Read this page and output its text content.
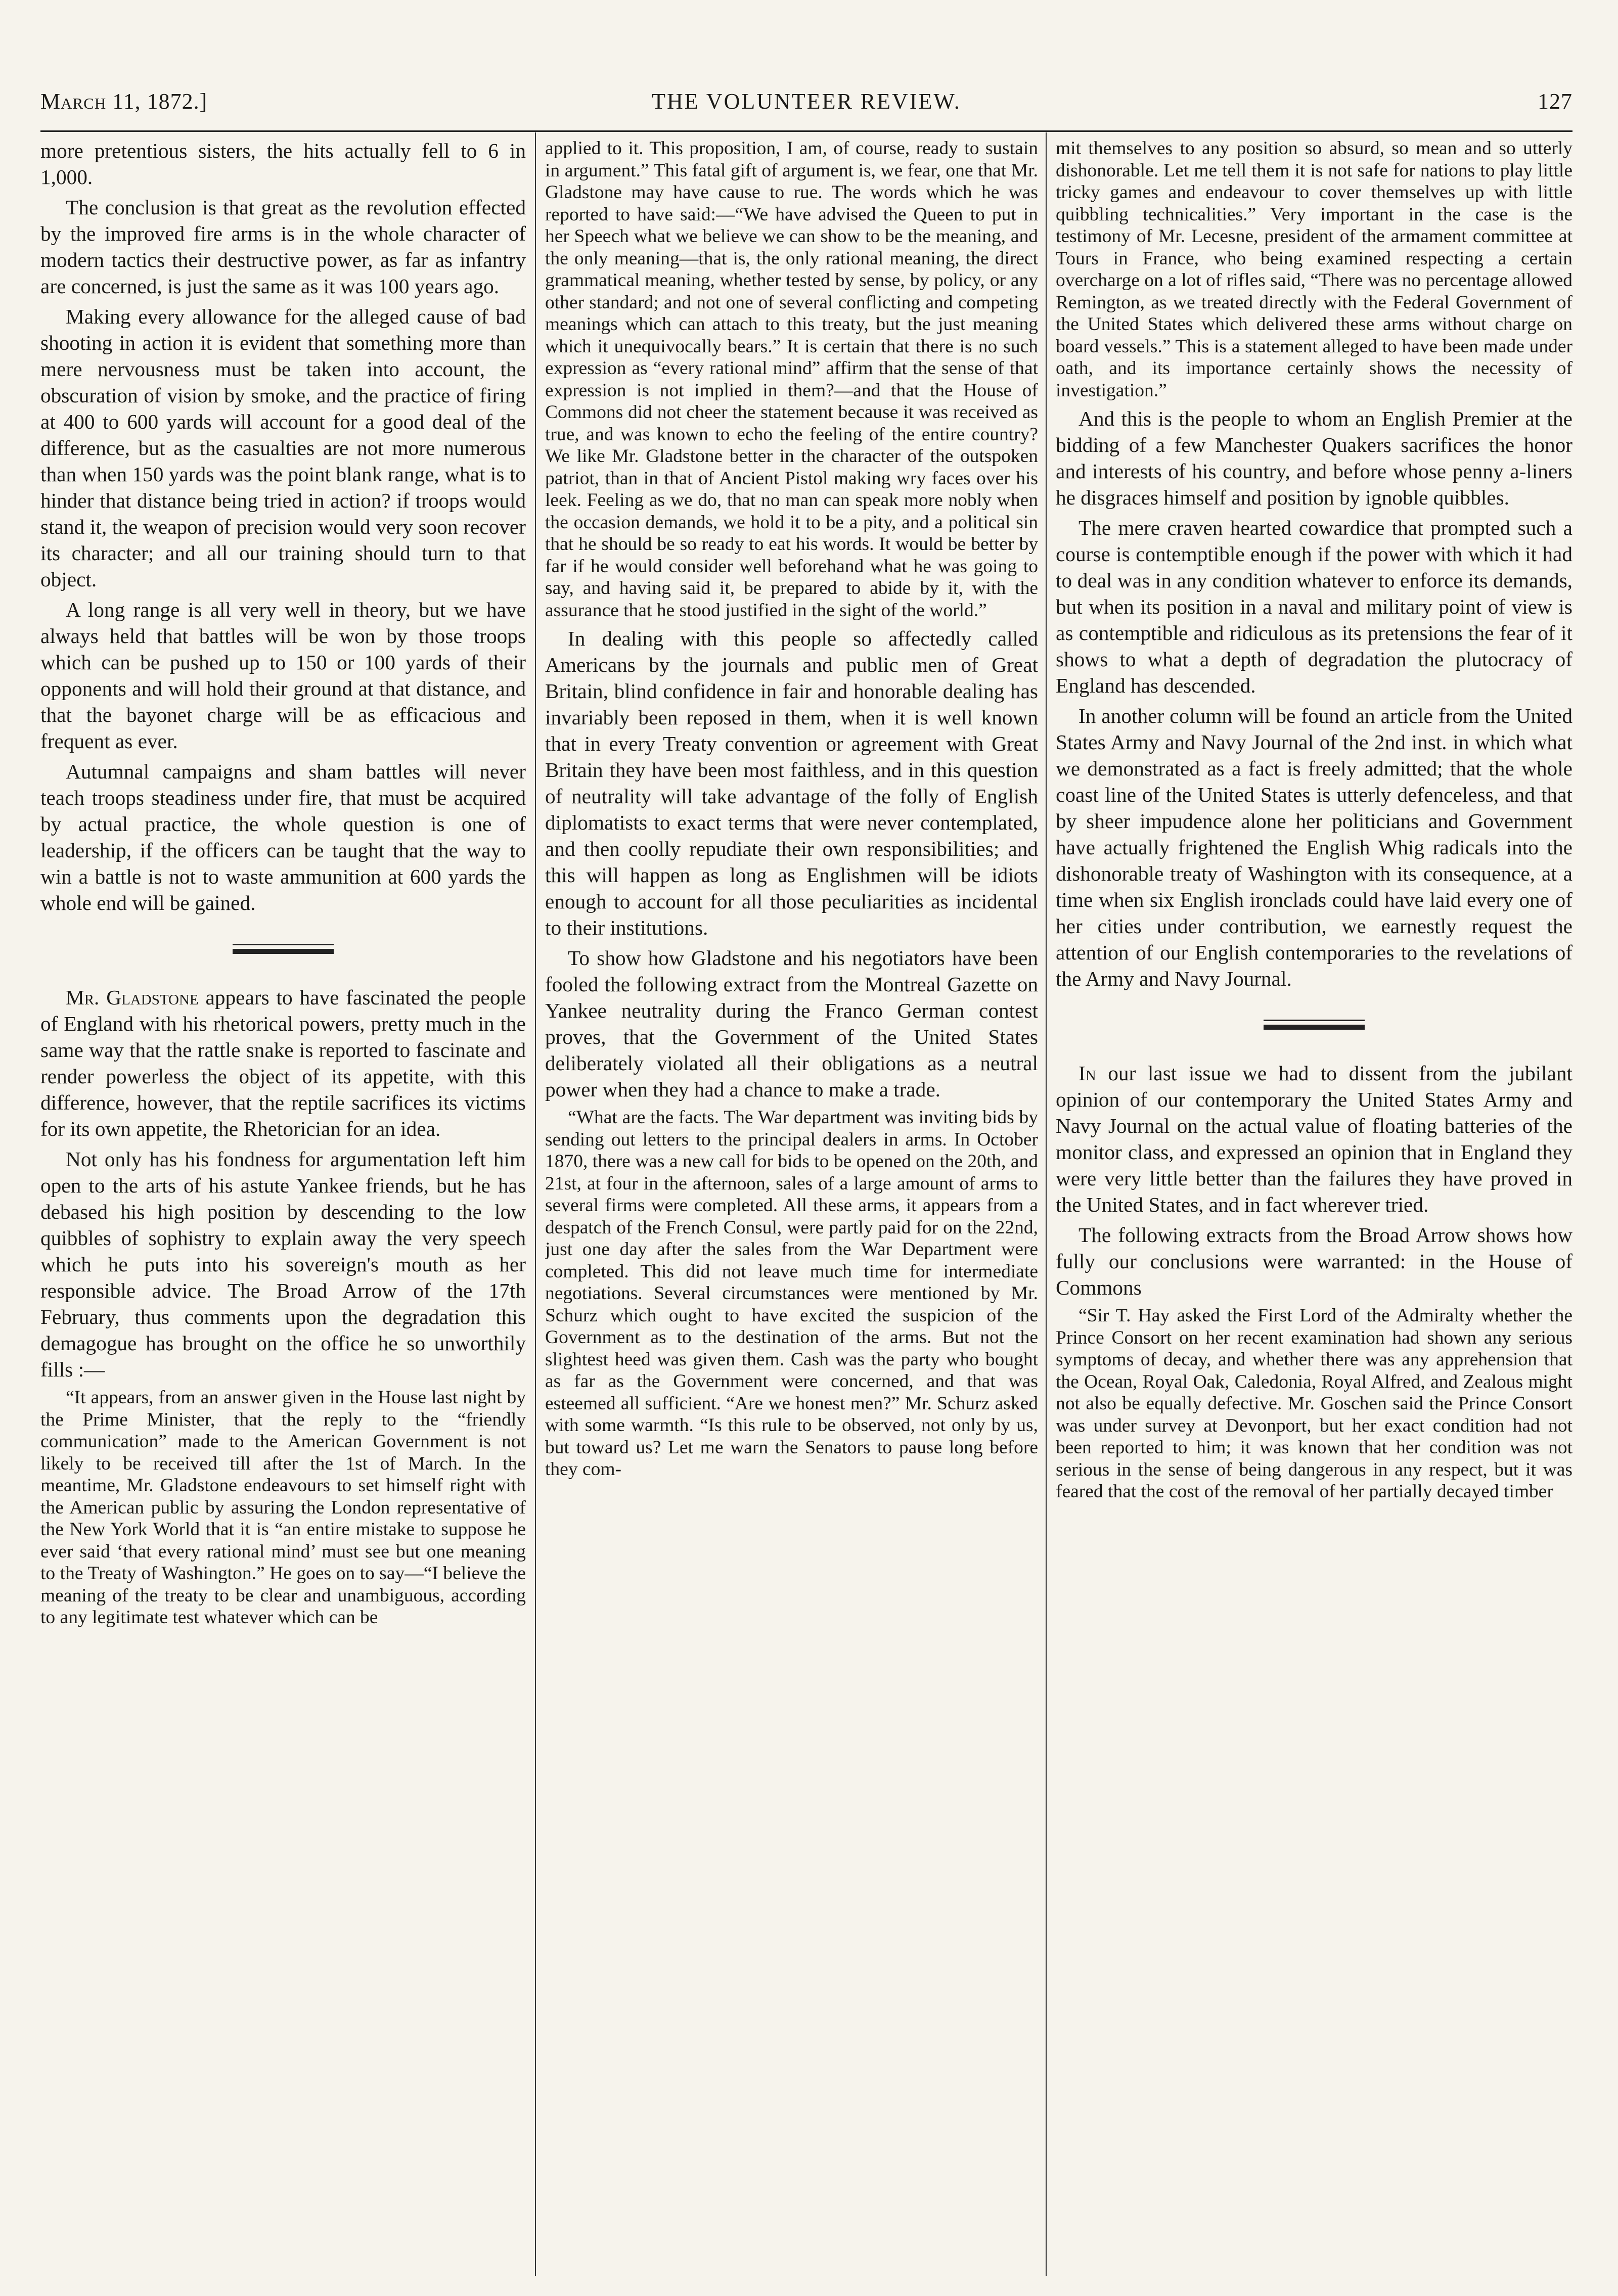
March 11, 1872.]	THE VOLUNTEER REVIEW.	127

more pretentious sisters, the hits actually fell to 6 in 1,000.

The conclusion is that great as the revolution effected by the improved fire arms is in the whole character of modern tactics their destructive power, as far as infantry are concerned, is just the same as it was 100 years ago.

Making every allowance for the alleged cause of bad shooting in action it is evident that something more than mere nervousness must be taken into account, the obscuration of vision by smoke, and the practice of firing at 400 to 600 yards will account for a good deal of the difference, but as the casualties are not more numerous than when 150 yards was the point blank range, what is to hinder that distance being tried in action? if troops would stand it, the weapon of precision would very soon recover its character; and all our training should turn to that object.

A long range is all very well in theory, but we have always held that battles will be won by those troops which can be pushed up to 150 or 100 yards of their opponents and will hold their ground at that distance, and that the bayonet charge will be as efficacious and frequent as ever.

Autumnal campaigns and sham battles will never teach troops steadiness under fire, that must be acquired by actual practice, the whole question is one of leadership, if the officers can be taught that the way to win a battle is not to waste ammunition at 600 yards the whole end will be gained.

Mr. Gladstone appears to have fascinated the people of England with his rhetorical powers, pretty much in the same way that the rattle snake is reported to fascinate and render powerless the object of its appetite, with this difference, however, that the reptile sacrifices its victims for its own appetite, the Rhetorician for an idea.

Not only has his fondness for argumentation left him open to the arts of his astute Yankee friends, but he has debased his high position by descending to the low quibbles of sophistry to explain away the very speech which he puts into his sovereign's mouth as her responsible advice. The Broad Arrow of the 17th February, thus comments upon the degradation this demagogue has brought on the office he so unworthily fills :—

“It appears, from an answer given in the House last night by the Prime Minister, that the reply to the “friendly communication” made to the American Government is not likely to be received till after the 1st of March. In the meantime, Mr. Gladstone endeavours to set himself right with the American public by assuring the London representative of the New York World that it is “an entire mistake to suppose he ever said ‘that every rational mind’ must see but one meaning to the Treaty of Washington.” He goes on to say—“I believe the meaning of the treaty to be clear and unambiguous, according to any legitimate test whatever which can be

applied to it. This proposition, I am, of course, ready to sustain in argument.” This fatal gift of argument is, we fear, one that Mr. Gladstone may have cause to rue. The words which he was reported to have said:—“We have advised the Queen to put in her Speech what we believe we can show to be the meaning, and the only meaning—that is, the only rational meaning, the direct grammatical meaning, whether tested by sense, by policy, or any other standard; and not one of several conflicting and competing meanings which can attach to this treaty, but the just meaning which it unequivocally bears.” It is certain that there is no such expression as “every rational mind” affirm that the sense of that expression is not implied in them?—and that the House of Commons did not cheer the statement because it was received as true, and was known to echo the feeling of the entire country? We like Mr. Gladstone better in the character of the outspoken patriot, than in that of Ancient Pistol making wry faces over his leek. Feeling as we do, that no man can speak more nobly when the occasion demands, we hold it to be a pity, and a political sin that he should be so ready to eat his words. It would be better by far if he would consider well beforehand what he was going to say, and having said it, be prepared to abide by it, with the assurance that he stood justified in the sight of the world.”

In dealing with this people so affectedly called Americans by the journals and public men of Great Britain, blind confidence in fair and honorable dealing has invariably been reposed in them, when it is well known that in every Treaty convention or agreement with Great Britain they have been most faithless, and in this question of neutrality will take advantage of the folly of English diplomatists to exact terms that were never contemplated, and then coolly repudiate their own responsibilities; and this will happen as long as Englishmen will be idiots enough to account for all those peculiarities as incidental to their institutions.

To show how Gladstone and his negotiators have been fooled the following extract from the Montreal Gazette on Yankee neutrality during the Franco German contest proves, that the Government of the United States deliberately violated all their obligations as a neutral power when they had a chance to make a trade.

“What are the facts. The War department was inviting bids by sending out letters to the principal dealers in arms. In October 1870, there was a new call for bids to be opened on the 20th, and 21st, at four in the afternoon, sales of a large amount of arms to several firms were completed. All these arms, it appears from a despatch of the French Consul, were partly paid for on the 22nd, just one day after the sales from the War Department were completed. This did not leave much time for intermediate negotiations. Several circumstances were mentioned by Mr. Schurz which ought to have excited the suspicion of the Government as to the destination of the arms. But not the slightest heed was given them. Cash was the party who bought as far as the Government were concerned, and that was esteemed all sufficient. “Are we honest men?” Mr. Schurz asked with some warmth. “Is this rule to be observed, not only by us, but toward us? Let me warn the Senators to pause long before they com-

mit themselves to any position so absurd, so mean and so utterly dishonorable. Let me tell them it is not safe for nations to play little tricky games and endeavour to cover themselves up with little quibbling technicalities.” Very important in the case is the testimony of Mr. Lecesne, president of the armament committee at Tours in France, who being examined respecting a certain overcharge on a lot of rifles said, “There was no percentage allowed Remington, as we treated directly with the Federal Government of the United States which delivered these arms without charge on board vessels.” This is a statement alleged to have been made under oath, and its importance certainly shows the necessity of investigation.”

And this is the people to whom an English Premier at the bidding of a few Manchester Quakers sacrifices the honor and interests of his country, and before whose penny a-liners he disgraces himself and position by ignoble quibbles.

The mere craven hearted cowardice that prompted such a course is contemptible enough if the power with which it had to deal was in any condition whatever to enforce its demands, but when its position in a naval and military point of view is as contemptible and ridiculous as its pretensions the fear of it shows to what a depth of degradation the plutocracy of England has descended.

In another column will be found an article from the United States Army and Navy Journal of the 2nd inst. in which what we demonstrated as a fact is freely admitted; that the whole coast line of the United States is utterly defenceless, and that by sheer impudence alone her politicians and Government have actually frightened the English Whig radicals into the dishonorable treaty of Washington with its consequence, at a time when six English ironclads could have laid every one of her cities under contribution, we earnestly request the attention of our English contemporaries to the revelations of the Army and Navy Journal.

In our last issue we had to dissent from the jubilant opinion of our contemporary the United States Army and Navy Journal on the actual value of floating batteries of the monitor class, and expressed an opinion that in England they were very little better than the failures they have proved in the United States, and in fact wherever tried.

The following extracts from the Broad Arrow shows how fully our conclusions were warranted: in the House of Commons

“Sir T. Hay asked the First Lord of the Admiralty whether the Prince Consort on her recent examination had shown any serious symptoms of decay, and whether there was any apprehension that the Ocean, Royal Oak, Caledonia, Royal Alfred, and Zealous might not also be equally defective. Mr. Goschen said the Prince Consort was under survey at Devonport, but her exact condition had not been reported to him; it was known that her condition was not serious in the sense of being dangerous in any respect, but it was feared that the cost of the removal of her partially decayed timber
